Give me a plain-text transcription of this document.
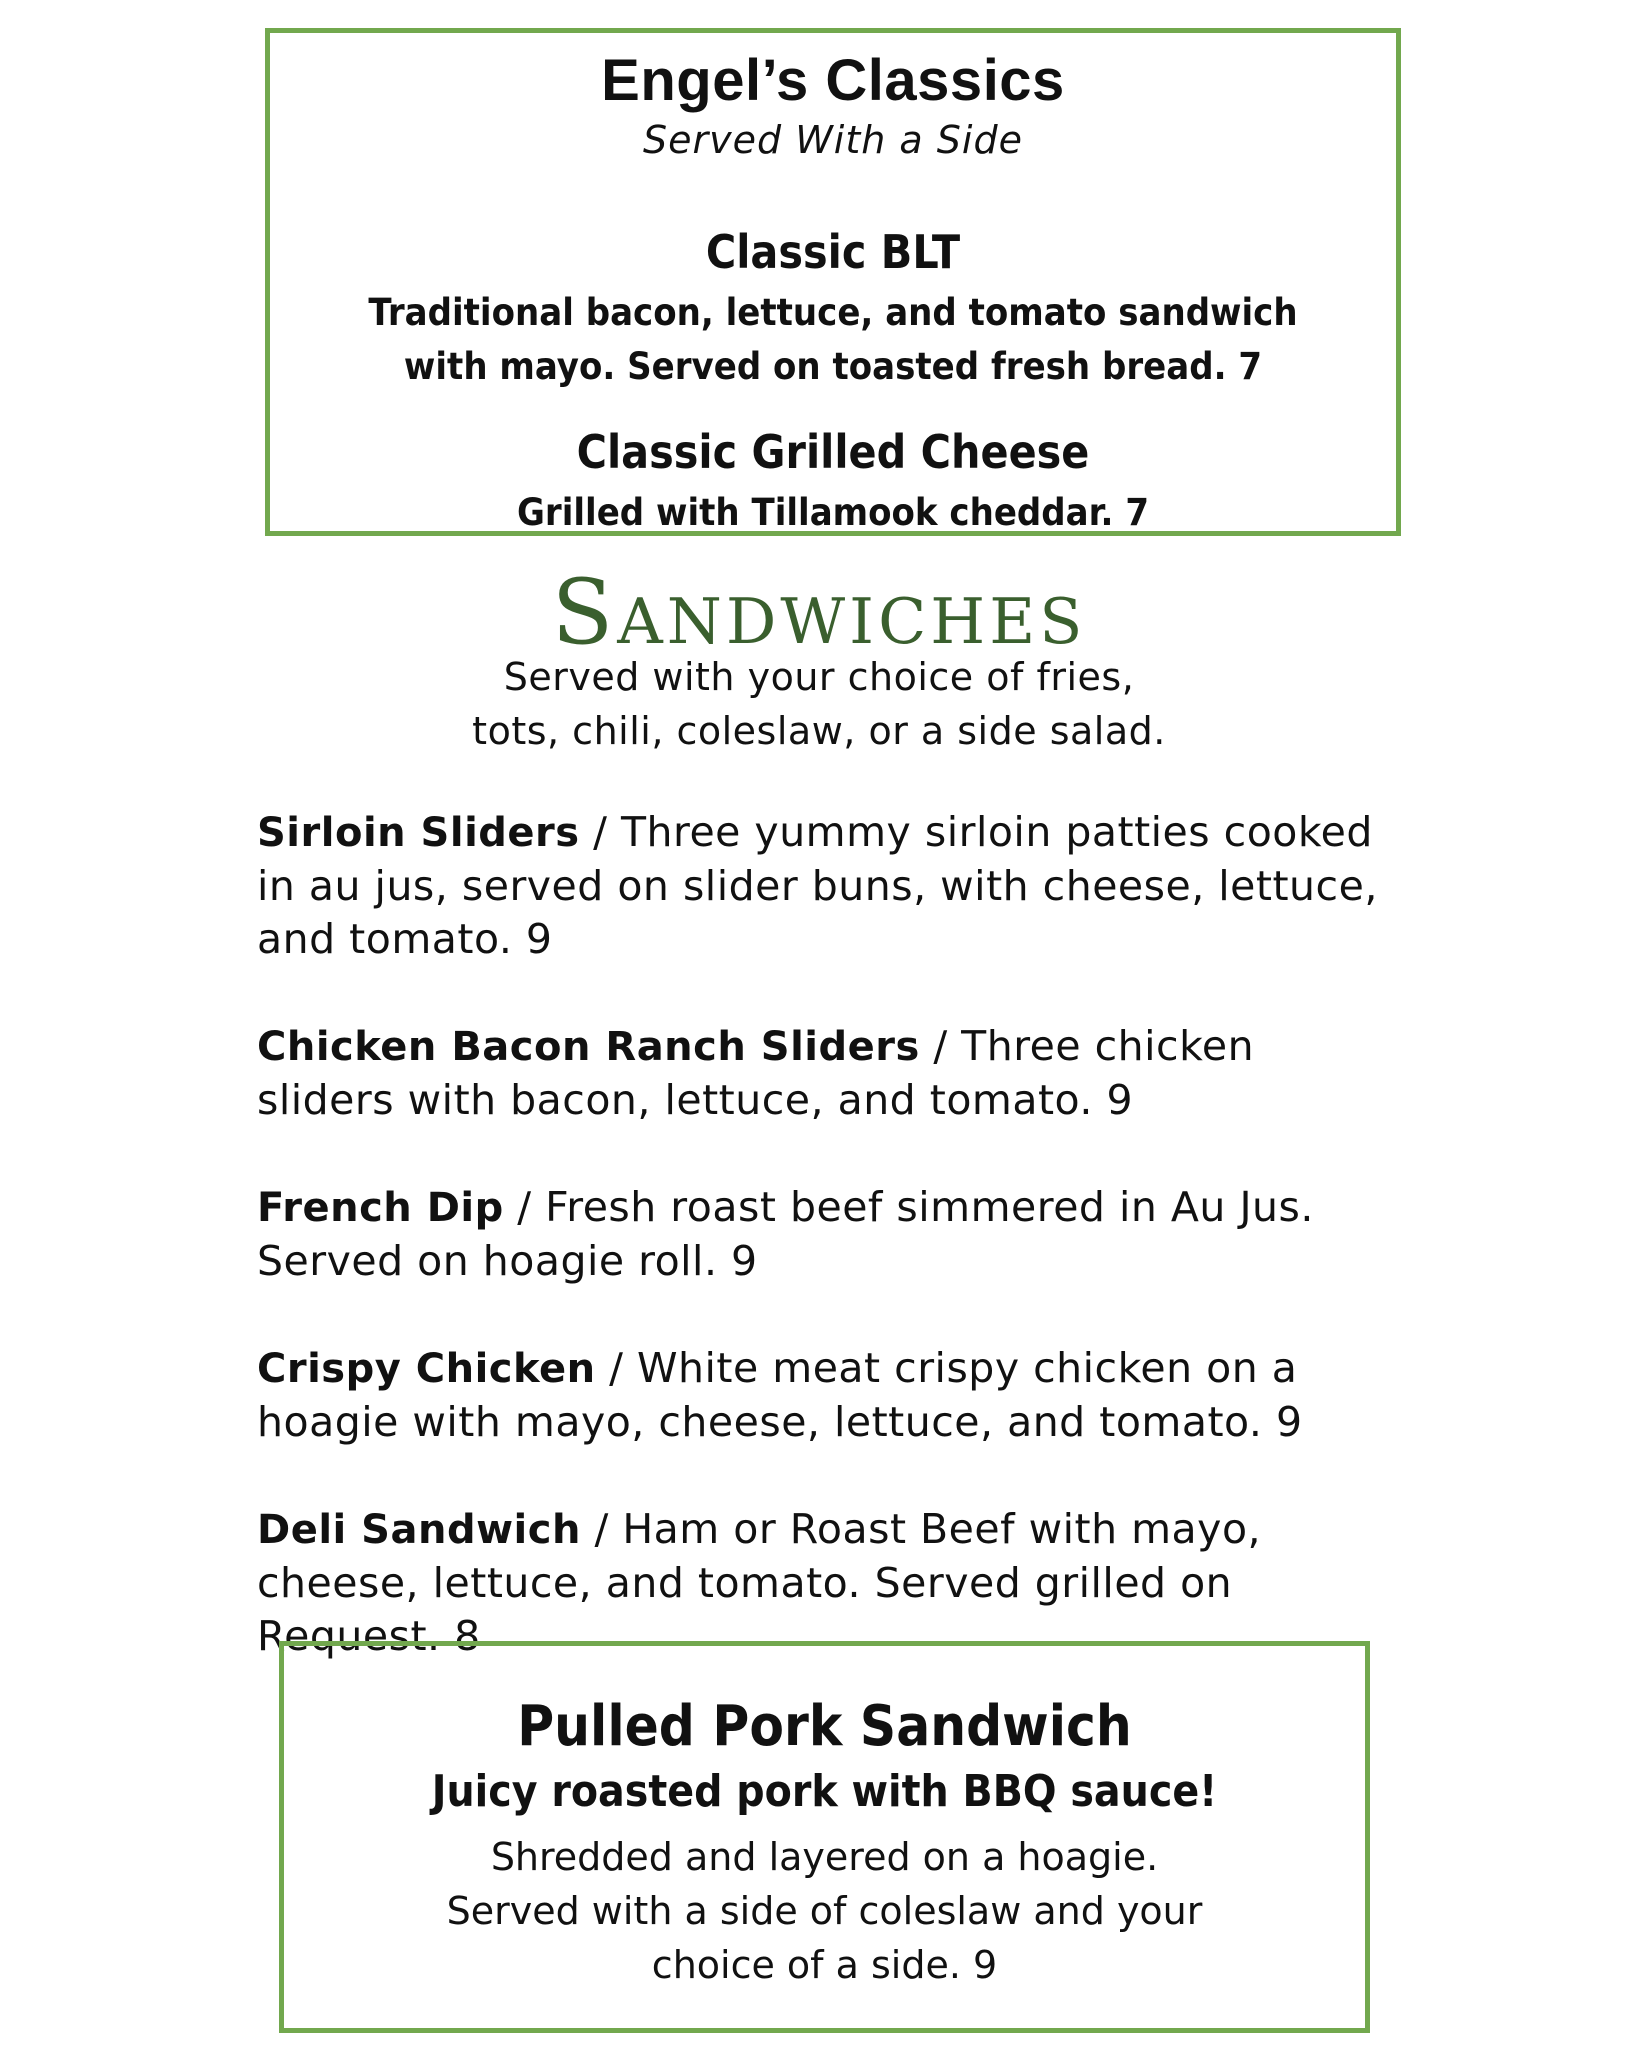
Engel’s Classics
Served With a Side
Classic BLT
Traditional bacon, lettuce, and tomato sandwich
with mayo. Served on toasted fresh bread. 7
Classic Grilled Cheese
Grilled with Tillamook cheddar. 7
Sandwiches
Served with your choice of fries,
tots, chili, coleslaw, or a side salad.
Sirloin Sliders / Three yummy sirloin patties cooked in au jus, served on slider buns, with cheese, lettuce, and tomato. 9
Chicken Bacon Ranch Sliders / Three chicken sliders with bacon, lettuce, and tomato. 9
French Dip / Fresh roast beef simmered in Au Jus. Served on hoagie roll. 9
Crispy Chicken / White meat crispy chicken on a hoagie with mayo, cheese, lettuce, and tomato. 9
Deli Sandwich / Ham or Roast Beef with mayo, cheese, lettuce, and tomato. Served grilled on Request. 8
Pulled Pork Sandwich
Juicy roasted pork with BBQ sauce!
Shredded and layered on a hoagie.
Served with a side of coleslaw and your
choice of a side. 9
